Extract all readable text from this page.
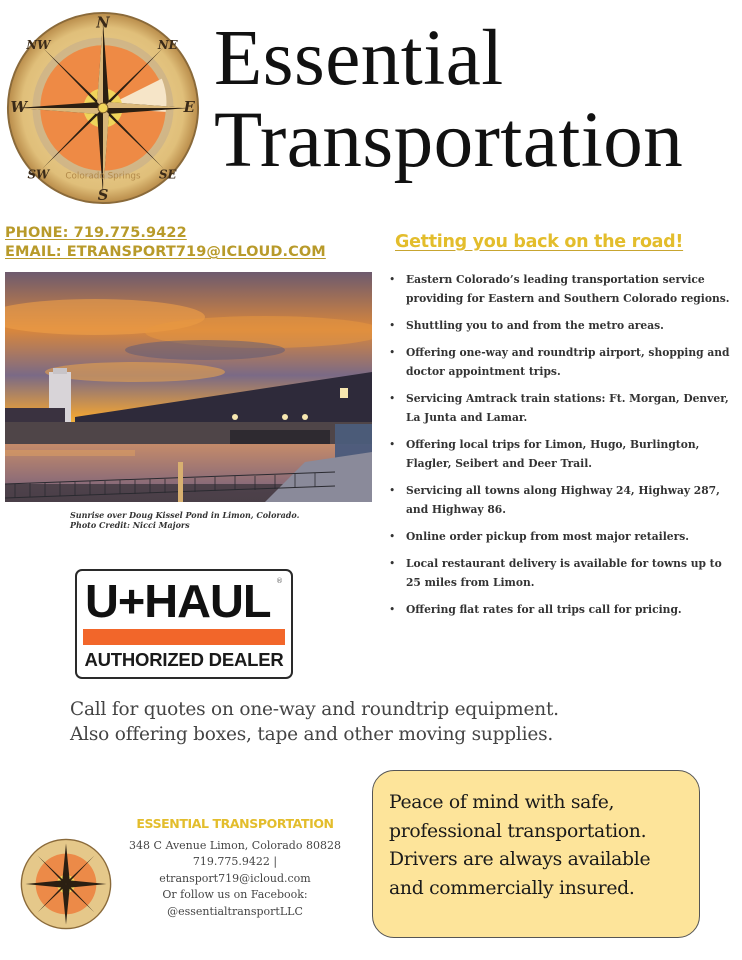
N
S
W	E
NW	NE
SW	SE
Colorado Springs
Essential
Transportation
PHONE: 719.775.9422
EMAIL: ETRANSPORT719@ICLOUD.COM
Sunrise over Doug Kissel Pond in Limon, Colorado.
Photo Credit: Nicci Majors
Getting you back on the road!
• Eastern Colorado’s leading transportation service providing for Eastern and Southern Colorado regions.
• Shuttling you to and from the metro areas.
• Offering one-way and roundtrip airport, shopping and doctor appointment trips.
• Servicing Amtrack train stations: Ft. Morgan, Denver, La Junta and Lamar.
• Offering local trips for Limon, Hugo, Burlington, Flagler, Seibert and Deer Trail.
• Servicing all towns along Highway 24, Highway 287, and Highway 86.
• Online order pickup from most major retailers.
• Local restaurant delivery is available for towns up to 25 miles from Limon.
• Offering flat rates for all trips call for pricing.
U+HAUL ®
AUTHORIZED DEALER
Call for quotes on one-way and roundtrip equipment. Also offering boxes, tape and other moving supplies.
ESSENTIAL TRANSPORTATION
348 C Avenue Limon, Colorado 80828
719.775.9422 |
etransport719@icloud.com
Or follow us on Facebook:
@essentialtransportLLC
Peace of mind with safe, professional transportation. Drivers are always available and commercially insured.
